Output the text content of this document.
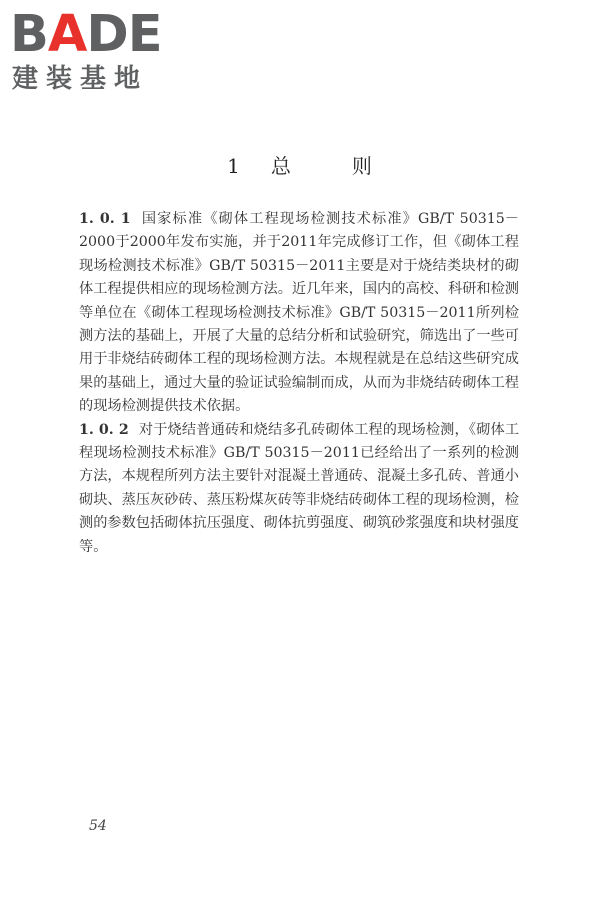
BADE
建装基地
1 总	则

1. 0. 1 国家标准《砌体工程现场检测技术标准》GB/T 50315－2000于2000年发布实施，并于2011年完成修订工作，但《砌体工程现场检测技术标准》GB/T 50315－2011主要是对于烧结类块材的砌体工程提供相应的现场检测方法。近几年来，国内的高校、科研和检测等单位在《砌体工程现场检测技术标准》GB/T 50315－2011所列检测方法的基础上，开展了大量的总结分析和试验研究，筛选出了一些可用于非烧结砖砌体工程的现场检测方法。本规程就是在总结这些研究成果的基础上，通过大量的验证试验编制而成，从而为非烧结砖砌体工程的现场检测提供技术依据。

1. 0. 2 对于烧结普通砖和烧结多孔砖砌体工程的现场检测，《砌体工程现场检测技术标准》GB/T 50315－2011已经给出了一系列的检测方法，本规程所列方法主要针对混凝土普通砖、混凝土多孔砖、普通小砌块、蒸压灰砂砖、蒸压粉煤灰砖等非烧结砖砌体工程的现场检测，检测的参数包括砌体抗压强度、砌体抗剪强度、砌筑砂浆强度和块材强度等。

54
